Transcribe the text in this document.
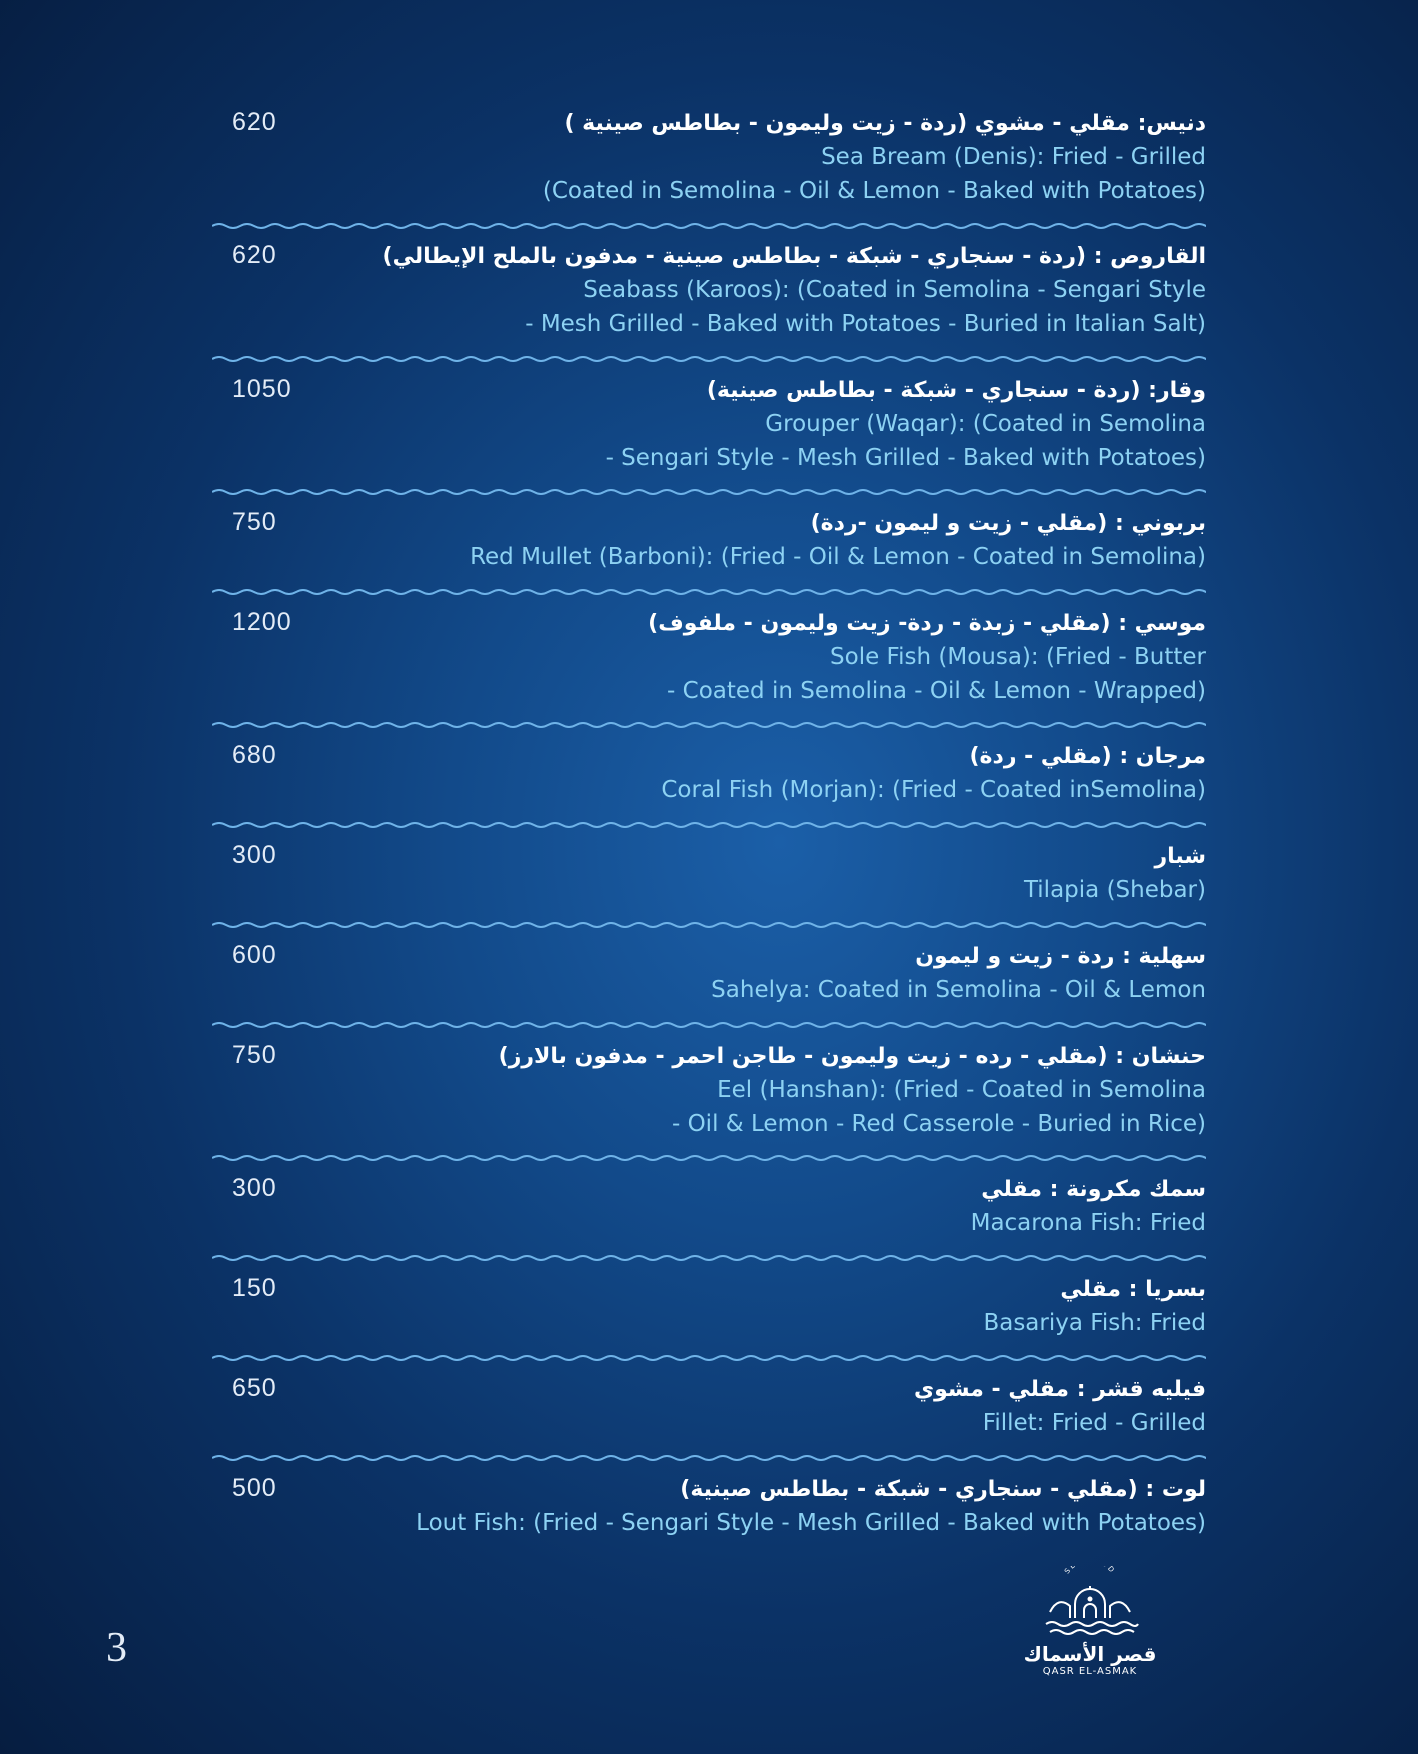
620	دنيس: مقلي - مشوي (ردة - زيت وليمون - بطاطس صينية )
Sea Bream (Denis): Fried - Grilled
(Coated in Semolina - Oil & Lemon - Baked with Potatoes)
620	القاروص : (ردة - سنجاري - شبكة - بطاطس صينية - مدفون بالملح الإيطالي)
Seabass (Karoos): (Coated in Semolina - Sengari Style
- Mesh Grilled - Baked with Potatoes - Buried in Italian Salt)
1050	وقار: (ردة - سنجاري - شبكة - بطاطس صينية)
Grouper (Waqar): (Coated in Semolina
- Sengari Style - Mesh Grilled - Baked with Potatoes)
750	بربوني : (مقلي - زيت و ليمون -ردة)
Red Mullet (Barboni): (Fried - Oil & Lemon - Coated in Semolina)
1200	موسي : (مقلي - زبدة - ردة- زيت وليمون - ملفوف)
Sole Fish (Mousa): (Fried - Butter
- Coated in Semolina - Oil & Lemon - Wrapped)
680	مرجان : (مقلي - ردة)
Coral Fish (Morjan): (Fried - Coated inSemolina)
300	شبار
Tilapia (Shebar)
600	سهلية : ردة - زيت و ليمون
Sahelya: Coated in Semolina - Oil & Lemon
750	حنشان : (مقلي - رده - زيت وليمون - طاجن احمر - مدفون بالارز)
Eel (Hanshan): (Fried - Coated in Semolina
- Oil & Lemon - Red Casserole - Buried in Rice)
300	سمك مكرونة : مقلي
Macarona Fish: Fried
150	بسريا : مقلي
Basariya Fish: Fried
650	فيليه قشر : مقلي - مشوي
Fillet: Fried - Grilled
500	لوت : (مقلي - سنجاري - شبكة - بطاطس صينية)
Lout Fish: (Fried - Sengari Style - Mesh Grilled - Baked with Potatoes)
3
S D
قصر الأسماك
QASR EL-ASMAK
